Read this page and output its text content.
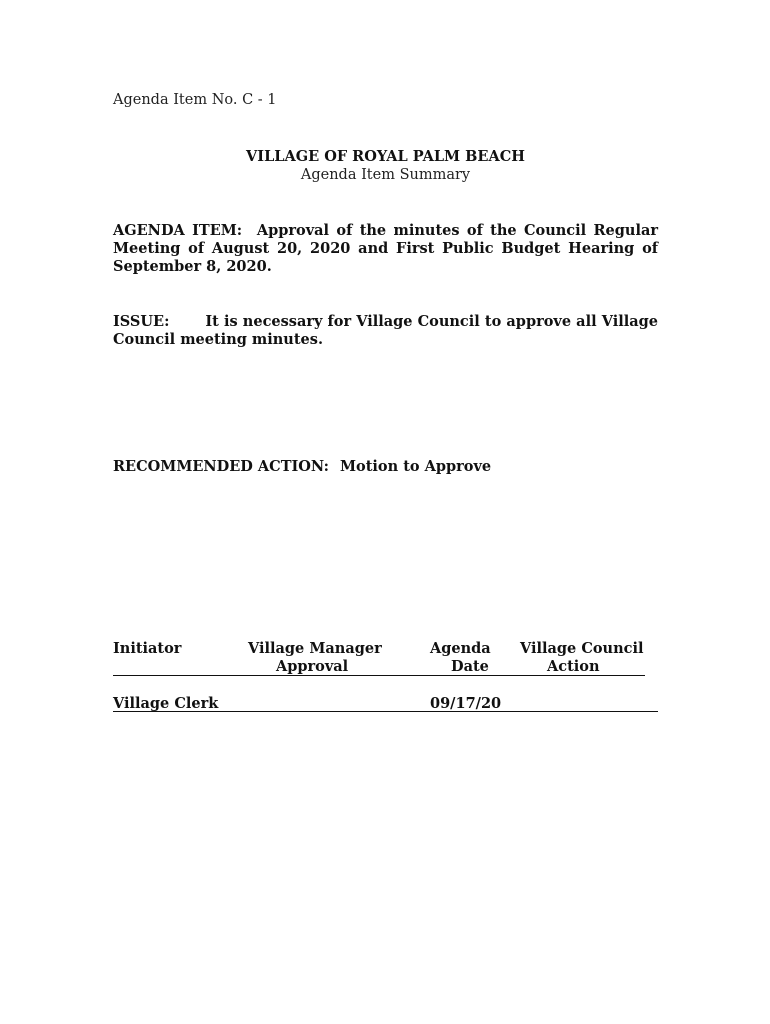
Agenda Item No. C - 1
VILLAGE OF ROYAL PALM BEACH
Agenda Item Summary
AGENDA ITEM: Approval of the minutes of the Council Regular Meeting of August 20, 2020 and First Public Budget Hearing of September 8, 2020.
ISSUE: It is necessary for Village Council to approve all Village Council meeting minutes.
RECOMMENDED ACTION: Motion to Approve
Initiator	Village Manager
Approval
Agenda
Date
Village Council
Action
Village Clerk	09/17/20
